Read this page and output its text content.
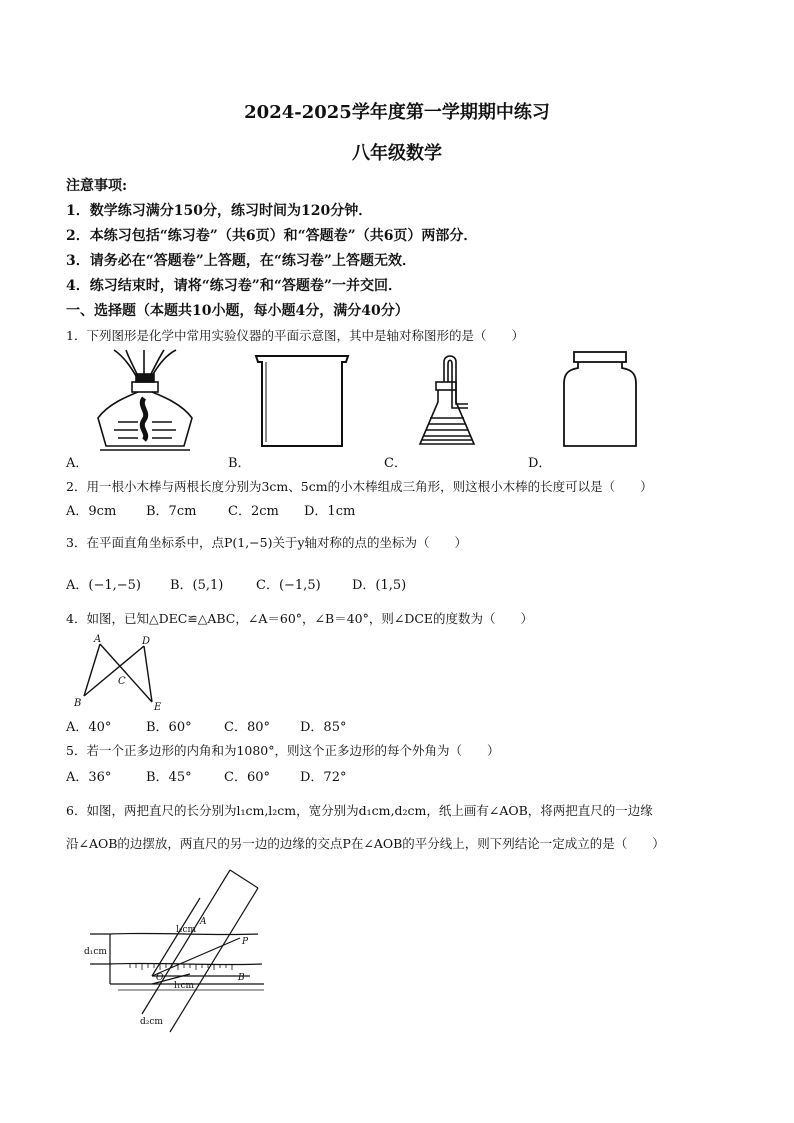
2024-2025学年度第一学期期中练习
八年级数学
注意事项:
1．数学练习满分150分，练习时间为120分钟．
2．本练习包括“练习卷”（共6页）和“答题卷”（共6页）两部分．
3．请务必在“答题卷”上答题，在“练习卷”上答题无效．
4．练习结束时，请将“练习卷”和“答题卷”一并交回．
一、选择题（本题共10小题，每小题4分，满分40分）
1．下列图形是化学中常用实验仪器的平面示意图，其中是轴对称图形的是（　　）
A．	B．	C．	D．
2．用一根小木棒与两根长度分别为3cm、5cm的小木棒组成三角形，则这根小木棒的长度可以是（　　）
A．9cm B．7cm C．2cm D．1cm
3．在平面直角坐标系中，点P(1,−5)关于y轴对称的点的坐标为（　　）
A．(−1,−5) B．(5,1)	C．(−1,5) D．(1,5)
4．如图，已知△DEC≌△ABC，∠A＝60°，∠B＝40°，则∠DCE的度数为（　　）
A	D
C
B	E
A．40°	B．60° C．80° D．85°
5．若一个正多边形的内角和为1080°，则这个正多边形的每个外角为（　　）
A．36°	B．45° C．60° D．72°
6．如图，两把直尺的长分别为l₁cm,l₂cm，宽分别为d₁cm,d₂cm，纸上画有∠AOB，将两把直尺的一边缘
沿∠AOB的边摆放，两直尺的另一边的边缘的交点P在∠AOB的平分线上，则下列结论一定成立的是（　　）
l₂cm
A
P
d₁cm
O	B
l₁cm
d₂cm
